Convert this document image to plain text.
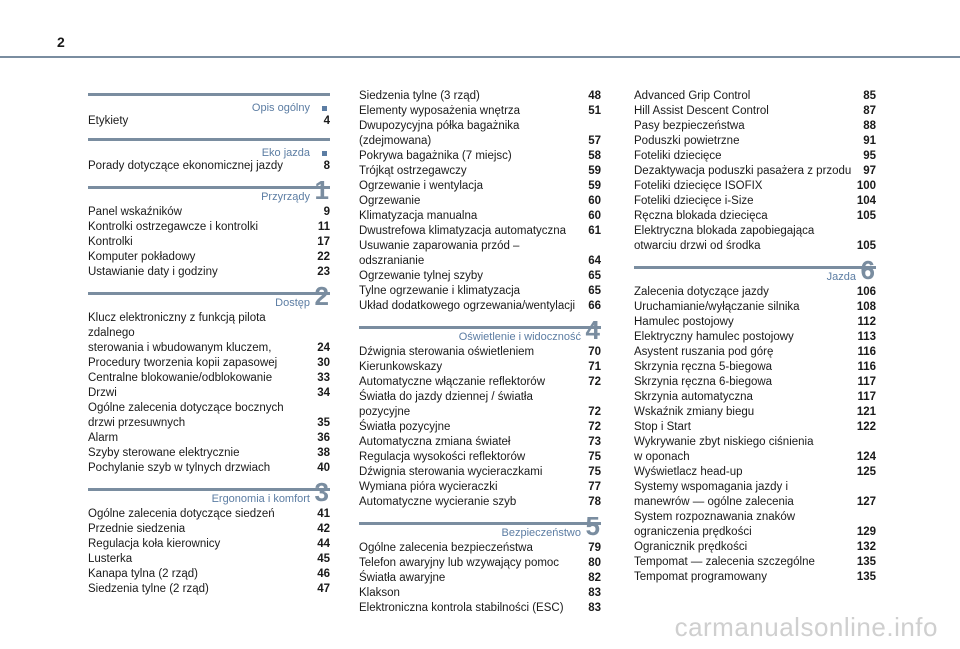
2
Opis ogólny
Etykiety	4
Eko jazda
Porady dotyczące ekonomicznej jazdy	8
Przyrządy 1
Panel wskaźników	9
Kontrolki ostrzegawcze i kontrolki	11
Kontrolki	17
Komputer pokładowy	22
Ustawianie daty i godziny	23
Dostęp 2
Klucz elektroniczny z funkcją pilota zdalnego
sterowania i wbudowanym kluczem,	24
Procedury tworzenia kopii zapasowej	30
Centralne blokowanie/odblokowanie	33
Drzwi	34
Ogólne zalecenia dotyczące bocznych
drzwi przesuwnych	35
Alarm	36
Szyby sterowane elektrycznie	38
Pochylanie szyb w tylnych drzwiach	40
Ergonomia i komfort 3
Ogólne zalecenia dotyczące siedzeń	41
Przednie siedzenia	42
Regulacja koła kierownicy	44
Lusterka	45
Kanapa tylna (2 rząd)	46
Siedzenia tylne (2 rząd)	47
Siedzenia tylne (3 rząd)	48
Elementy wyposażenia wnętrza	51
Dwupozycyjna półka bagażnika
(zdejmowana)	57
Pokrywa bagażnika (7 miejsc)	58
Trójkąt ostrzegawczy	59
Ogrzewanie i wentylacja	59
Ogrzewanie	60
Klimatyzacja manualna	60
Dwustrefowa klimatyzacja automatyczna	61
Usuwanie zaparowania przód – odszranianie	64
Ogrzewanie tylnej szyby	65
Tylne ogrzewanie i klimatyzacja	65
Układ dodatkowego ogrzewania/wentylacji	66
Oświetlenie i widoczność 4
Dźwignia sterowania oświetleniem	70
Kierunkowskazy	71
Automatyczne włączanie reflektorów	72
Światła do jazdy dziennej / światła pozycyjne	72
Światła pozycyjne	72
Automatyczna zmiana świateł	73
Regulacja wysokości reflektorów	75
Dźwignia sterowania wycieraczkami	75
Wymiana pióra wycieraczki	77
Automatyczne wycieranie szyb	78
Bezpieczeństwo 5
Ogólne zalecenia bezpieczeństwa	79
Telefon awaryjny lub wzywający pomoc	80
Światła awaryjne	82
Klakson	83
Elektroniczna kontrola stabilności (ESC)	83
Advanced Grip Control	85
Hill Assist Descent Control	87
Pasy bezpieczeństwa	88
Poduszki powietrzne	91
Foteliki dziecięce	95
Dezaktywacja poduszki pasażera z przodu	97
Foteliki dziecięce ISOFIX	100
Foteliki dziecięce i-Size	104
Ręczna blokada dziecięca	105
Elektryczna blokada zapobiegająca
otwarciu drzwi od środka	105
Jazda 6
Zalecenia dotyczące jazdy	106
Uruchamianie/wyłączanie silnika	108
Hamulec postojowy	112
Elektryczny hamulec postojowy	113
Asystent ruszania pod górę	116
Skrzynia ręczna 5-biegowa	116
Skrzynia ręczna 6-biegowa	117
Skrzynia automatyczna	117
Wskaźnik zmiany biegu	121
Stop i Start	122
Wykrywanie zbyt niskiego ciśnienia
w oponach	124
Wyświetlacz head-up	125
Systemy wspomagania jazdy i
manewrów — ogólne zalecenia	127
System rozpoznawania znaków
ograniczenia prędkości	129
Ogranicznik prędkości	132
Tempomat — zalecenia szczególne	135
Tempomat programowany	135
carmanualsonline.info
